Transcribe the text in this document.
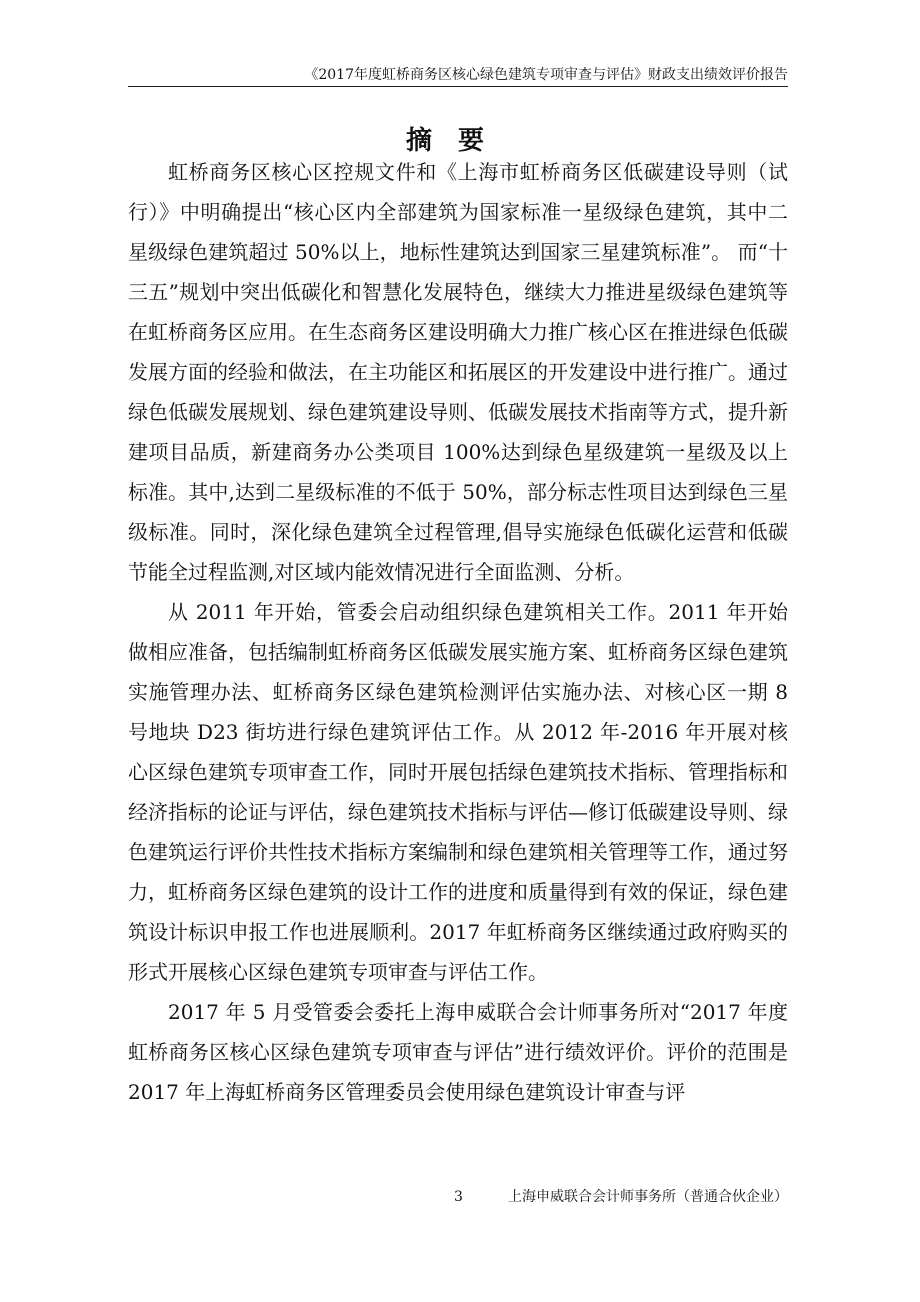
《2017年度虹桥商务区核心绿色建筑专项审查与评估》财政支出绩效评价报告
摘要

虹桥商务区核心区控规文件和《上海市虹桥商务区低碳建设导则（试行）》中明确提出“核心区内全部建筑为国家标准一星级绿色建筑，其中二星级绿色建筑超过 50%以上，地标性建筑达到国家三星建筑标准”。 而“十三五”规划中突出低碳化和智慧化发展特色，继续大力推进星级绿色建筑等在虹桥商务区应用。在生态商务区建设明确大力推广核心区在推进绿色低碳发展方面的经验和做法，在主功能区和拓展区的开发建设中进行推广。通过绿色低碳发展规划、绿色建筑建设导则、低碳发展技术指南等方式，提升新建项目品质，新建商务办公类项目 100%达到绿色星级建筑一星级及以上标准。其中,达到二星级标准的不低于 50%，部分标志性项目达到绿色三星级标准。同时，深化绿色建筑全过程管理,倡导实施绿色低碳化运营和低碳节能全过程监测,对区域内能效情况进行全面监测、分析。

从 2011 年开始，管委会启动组织绿色建筑相关工作。2011 年开始做相应准备，包括编制虹桥商务区低碳发展实施方案、虹桥商务区绿色建筑实施管理办法、虹桥商务区绿色建筑检测评估实施办法、对核心区一期 8 号地块 D23 街坊进行绿色建筑评估工作。从 2012 年-2016 年开展对核心区绿色建筑专项审查工作，同时开展包括绿色建筑技术指标、管理指标和经济指标的论证与评估，绿色建筑技术指标与评估—修订低碳建设导则、绿色建筑运行评价共性技术指标方案编制和绿色建筑相关管理等工作，通过努力，虹桥商务区绿色建筑的设计工作的进度和质量得到有效的保证，绿色建筑设计标识申报工作也进展顺利。2017 年虹桥商务区继续通过政府购买的形式开展核心区绿色建筑专项审查与评估工作。

2017 年 5 月受管委会委托上海申威联合会计师事务所对“2017 年度虹桥商务区核心区绿色建筑专项审查与评估”进行绩效评价。评价的范围是 2017 年上海虹桥商务区管理委员会使用绿色建筑设计审查与评

3	上海申威联合会计师事务所（普通合伙企业）
